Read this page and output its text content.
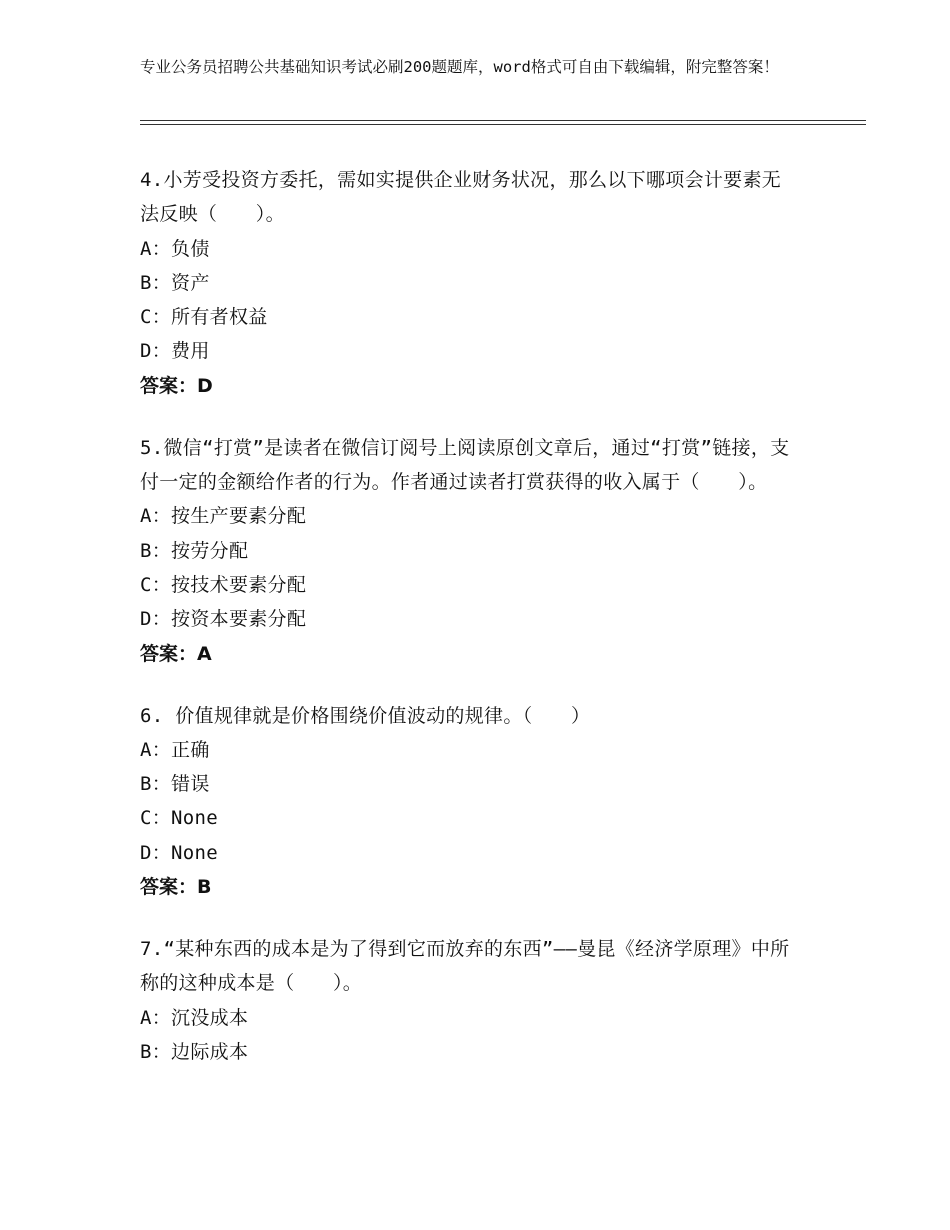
专业公务员招聘公共基础知识考试必刷200题题库，word格式可自由下载编辑，附完整答案！

4.小芳受投资方委托，需如实提供企业财务状况，那么以下哪项会计要素无法反映（　　）。

A：负债

B：资产

C：所有者权益

D：费用

答案：D

5.微信“打赏”是读者在微信订阅号上阅读原创文章后，通过“打赏”链接，支付一定的金额给作者的行为。作者通过读者打赏获得的收入属于（　　）。

A：按生产要素分配

B：按劳分配

C：按技术要素分配

D：按资本要素分配

答案：A

6. 价值规律就是价格围绕价值波动的规律。（　　）

A：正确

B：错误

C：None

D：None

答案：B

7.“某种东西的成本是为了得到它而放弃的东西”——曼昆《经济学原理》中所称的这种成本是（　　）。

A：沉没成本

B：边际成本
